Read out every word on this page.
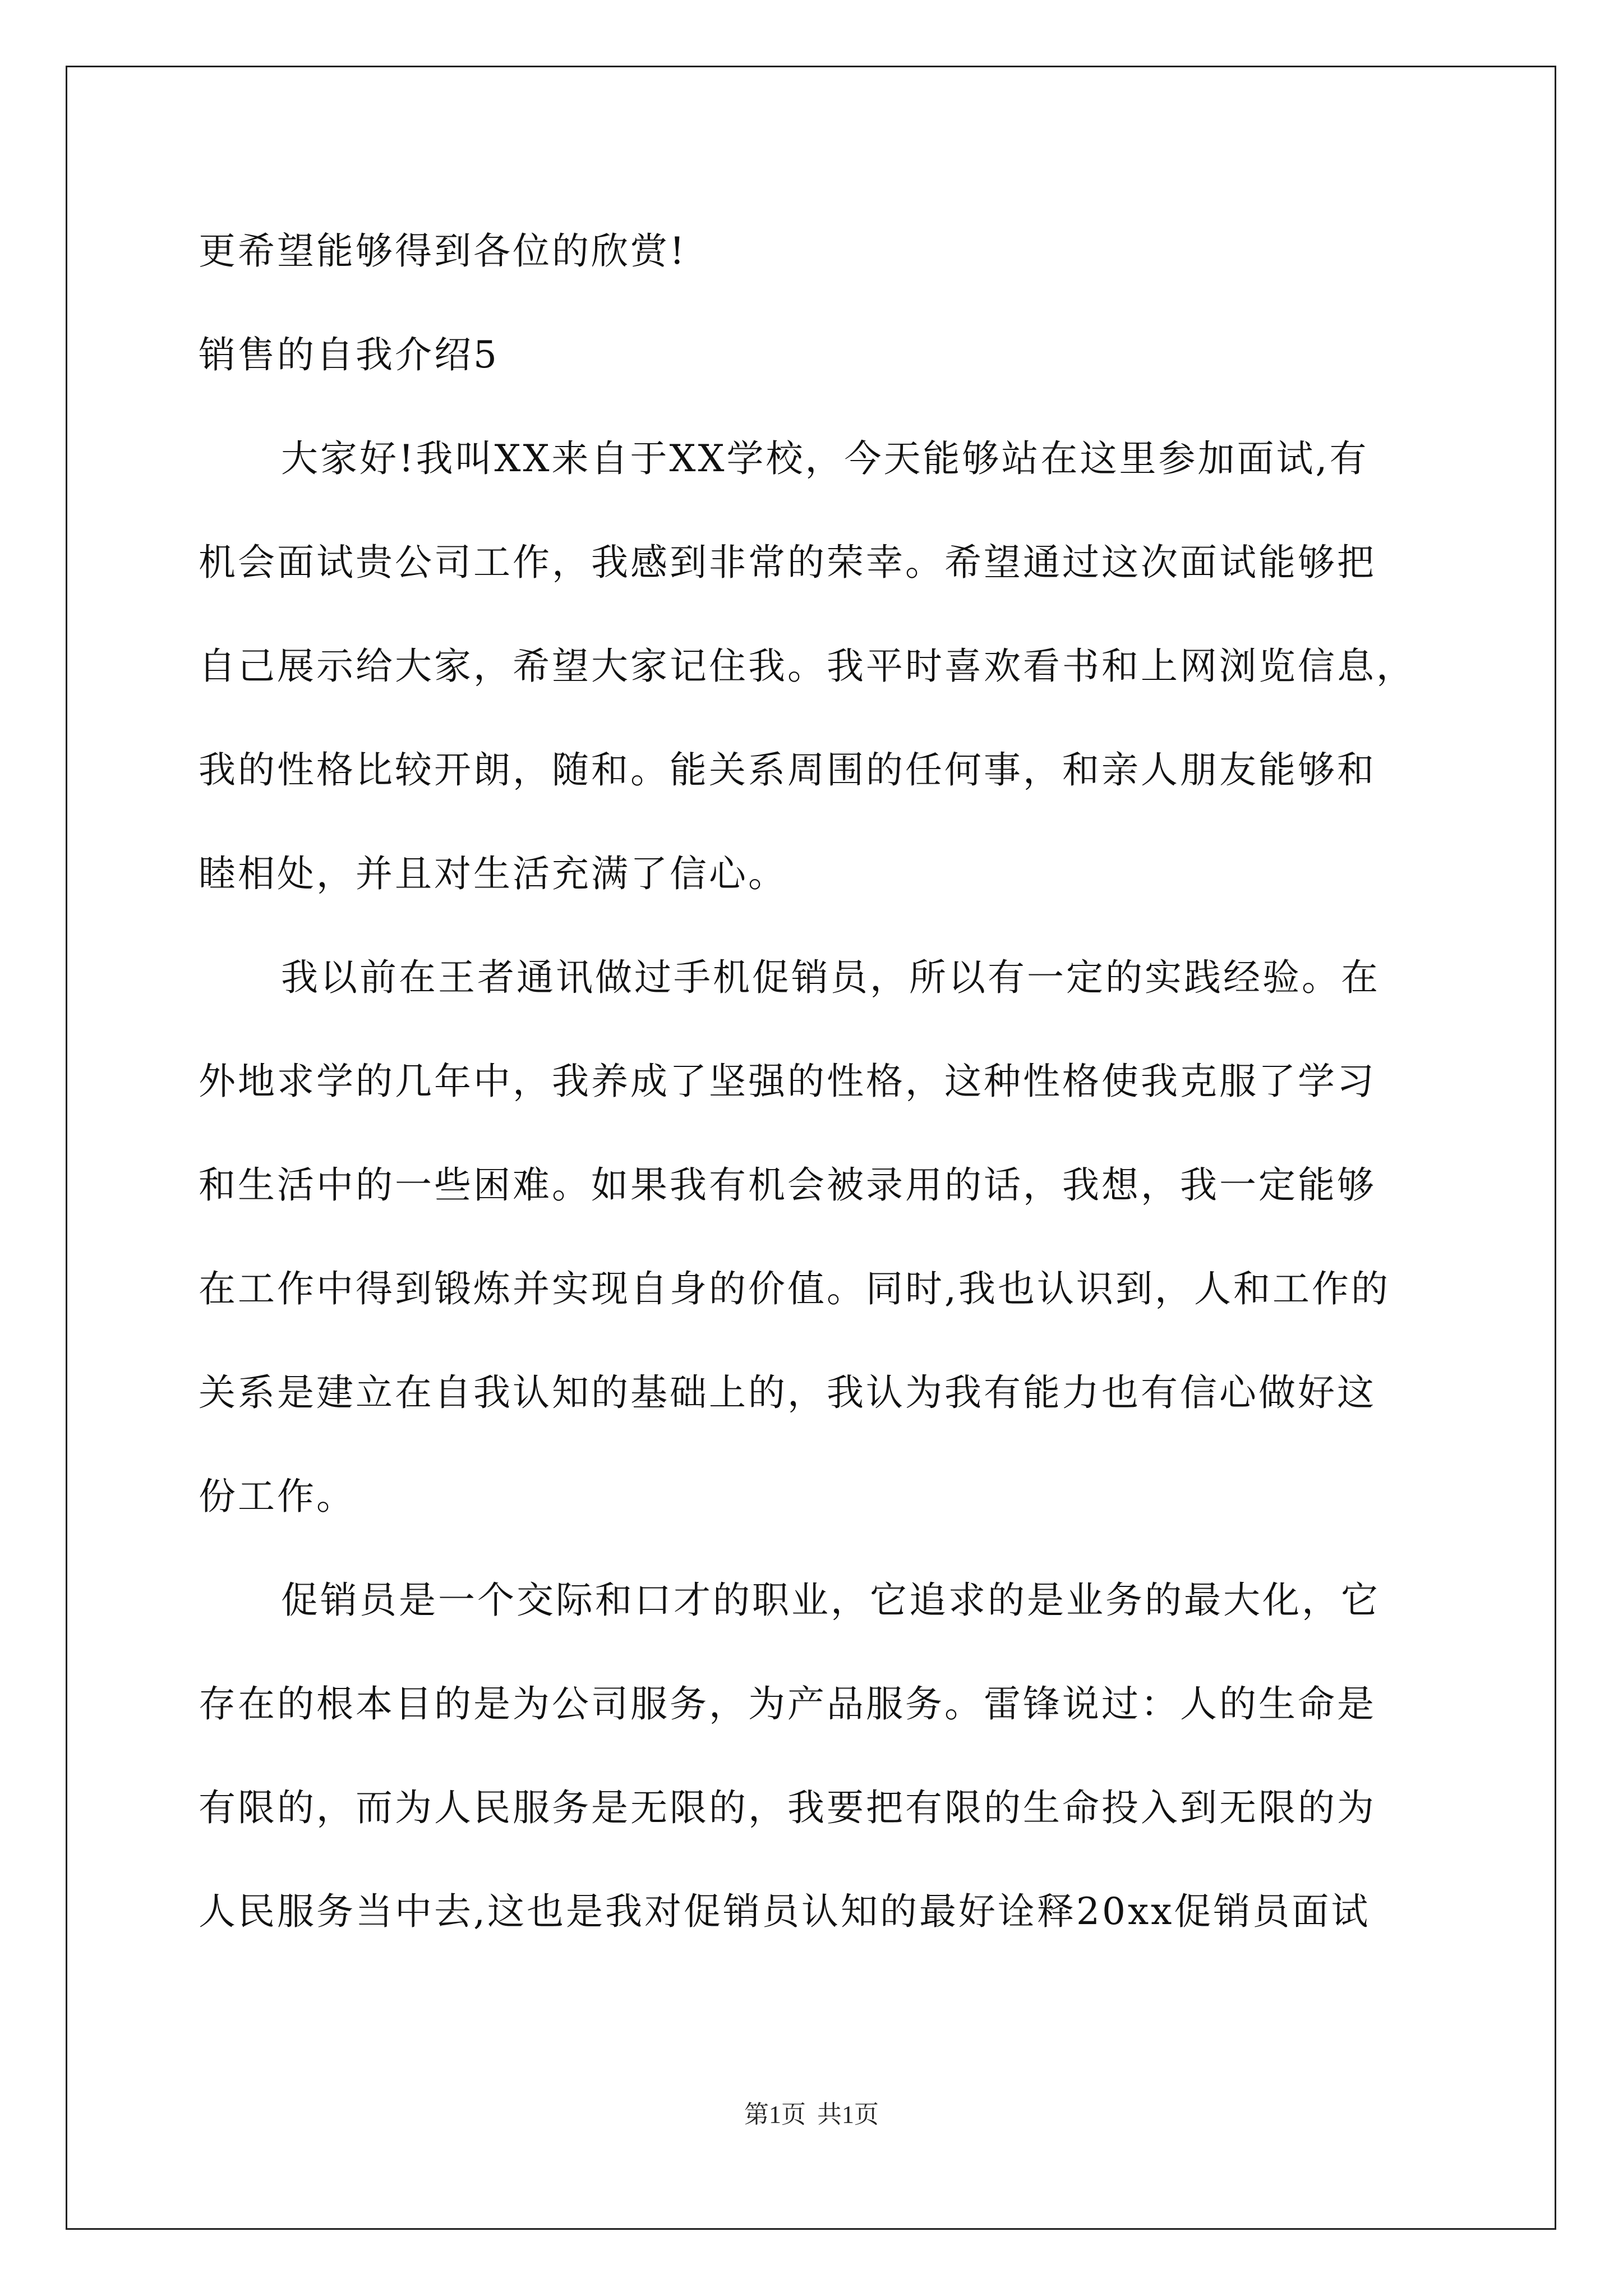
更希望能够得到各位的欣赏!
销售的自我介绍5
大家好!我叫XX来自于XX学校，今天能够站在这里参加面试,有
机会面试贵公司工作，我感到非常的荣幸。希望通过这次面试能够把
自己展示给大家，希望大家记住我。我平时喜欢看书和上网浏览信息，
我的性格比较开朗，随和。能关系周围的任何事，和亲人朋友能够和
睦相处，并且对生活充满了信心。
我以前在王者通讯做过手机促销员，所以有一定的实践经验。在
外地求学的几年中，我养成了坚强的性格，这种性格使我克服了学习
和生活中的一些困难。如果我有机会被录用的话，我想，我一定能够
在工作中得到锻炼并实现自身的价值。同时,我也认识到，人和工作的
关系是建立在自我认知的基础上的，我认为我有能力也有信心做好这
份工作。
促销员是一个交际和口才的职业，它追求的是业务的最大化，它
存在的根本目的是为公司服务，为产品服务。雷锋说过：人的生命是
有限的，而为人民服务是无限的，我要把有限的生命投入到无限的为
人民服务当中去,这也是我对促销员认知的最好诠释20xx促销员面试
第1页 共1页
